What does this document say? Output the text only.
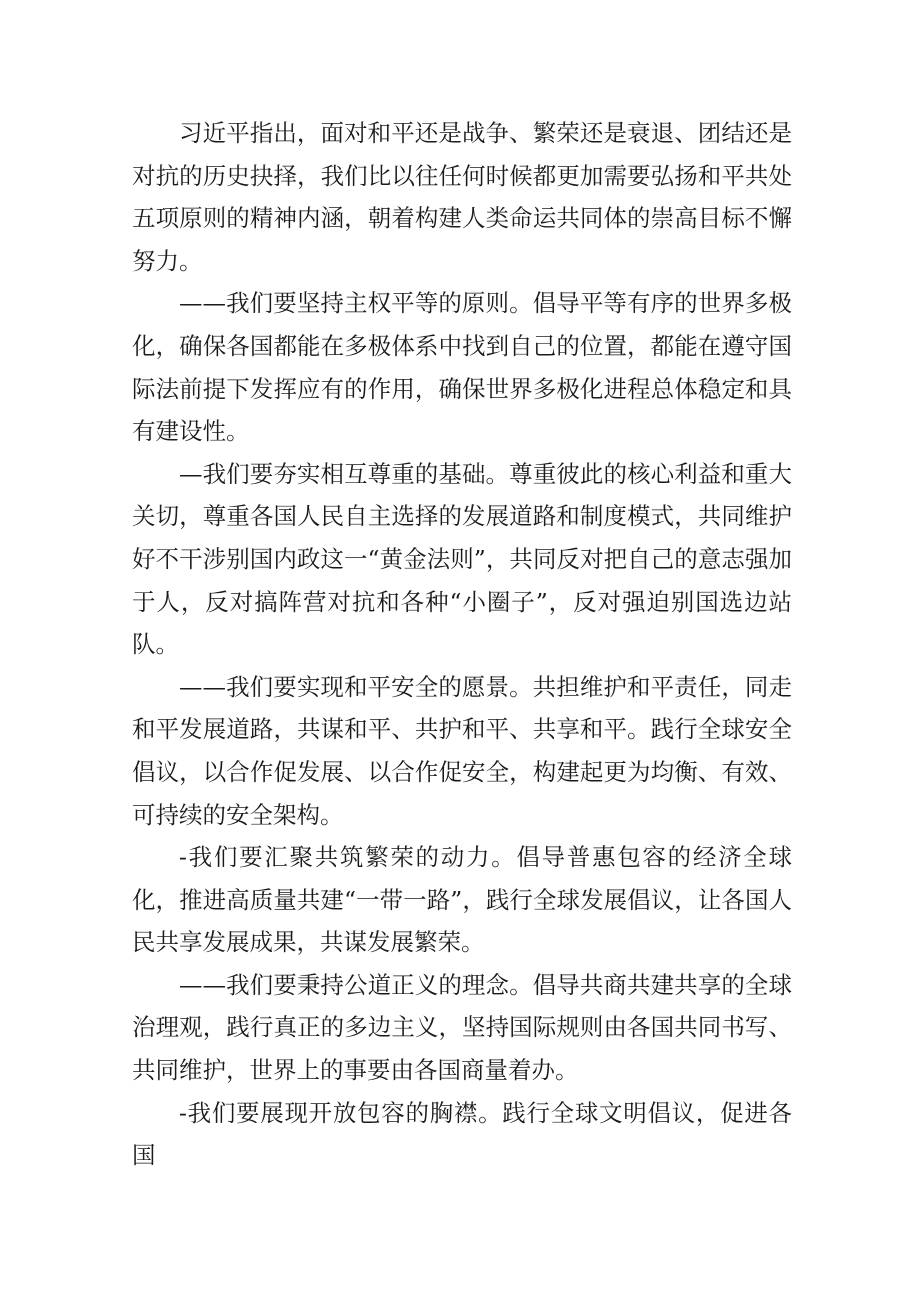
习近平指出，面对和平还是战争、繁荣还是衰退、团结还是对抗的历史抉择，我们比以往任何时候都更加需要弘扬和平共处五项原则的精神内涵，朝着构建人类命运共同体的崇高目标不懈努力。

——我们要坚持主权平等的原则。倡导平等有序的世界多极化，确保各国都能在多极体系中找到自己的位置，都能在遵守国际法前提下发挥应有的作用，确保世界多极化进程总体稳定和具有建设性。

—我们要夯实相互尊重的基础。尊重彼此的核心利益和重大关切，尊重各国人民自主选择的发展道路和制度模式，共同维护好不干涉别国内政这一“黄金法则”，共同反对把自己的意志强加于人，反对搞阵营对抗和各种“小圈子”，反对强迫别国选边站队。

——我们要实现和平安全的愿景。共担维护和平责任，同走和平发展道路，共谋和平、共护和平、共享和平。践行全球安全倡议，以合作促发展、以合作促安全，构建起更为均衡、有效、可持续的安全架构。

-我们要汇聚共筑繁荣的动力。倡导普惠包容的经济全球化，推进高质量共建“一带一路”，践行全球发展倡议，让各国人民共享发展成果，共谋发展繁荣。

——我们要秉持公道正义的理念。倡导共商共建共享的全球治理观，践行真正的多边主义，坚持国际规则由各国共同书写、共同维护，世界上的事要由各国商量着办。

-我们要展现开放包容的胸襟。践行全球文明倡议，促进各国
